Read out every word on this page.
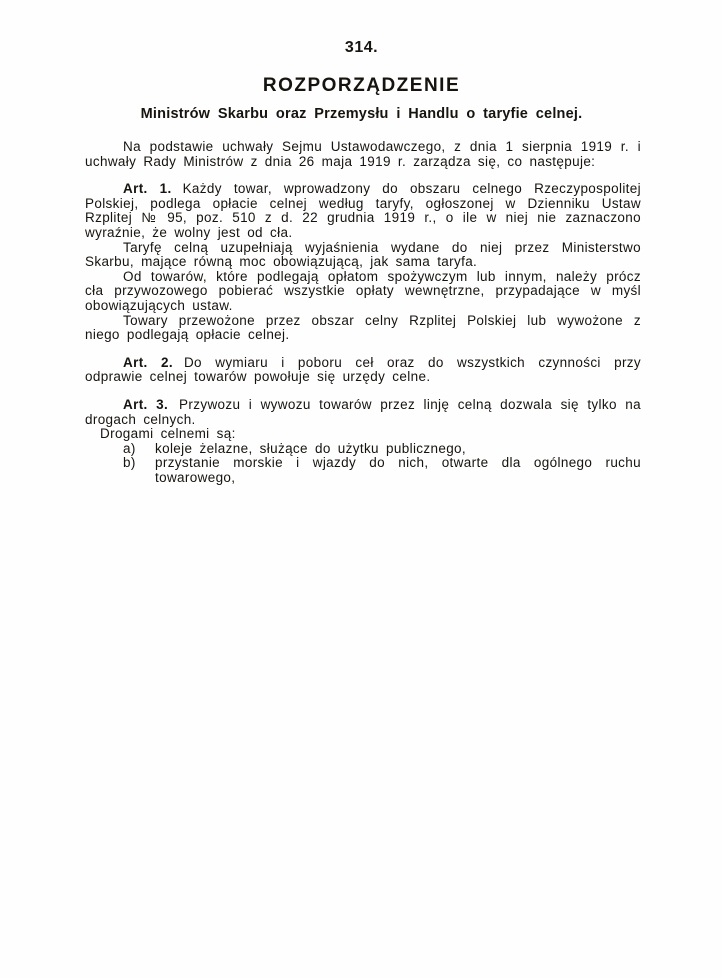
314.
ROZPORZĄDZENIE
Ministrów Skarbu oraz Przemysłu i Handlu o taryfie celnej.

Na podstawie uchwały Sejmu Ustawodawczego, z dnia 1 sierpnia 1919 r. i uchwały Rady Ministrów z dnia 26 maja 1919 r. zarządza się, co następuje:

Art. 1. Każdy towar, wprowadzony do obszaru celnego Rzeczypospolitej Polskiej, podlega opłacie celnej według taryfy, ogłoszonej w Dzienniku Ustaw Rzplitej № 95, poz. 510 z d. 22 grudnia 1919 r., o ile w niej nie zaznaczono wyraźnie, że wolny jest od cła.

Taryfę celną uzupełniają wyjaśnienia wydane do niej przez Ministerstwo Skarbu, mające równą moc obowiązującą, jak sama taryfa.

Od towarów, które podlegają opłatom spożywczym lub innym, należy prócz cła przywozowego pobierać wszystkie opłaty wewnętrzne, przypadające w myśl obowiązujących ustaw.

Towary przewożone przez obszar celny Rzplitej Polskiej lub wywożone z niego podlegają opłacie celnej.

Art. 2. Do wymiaru i poboru ceł oraz do wszystkich czynności przy odprawie celnej towarów powołuje się urzędy celne.

Art. 3. Przywozu i wywozu towarów przez linję celną dozwala się tylko na drogach celnych.

Drogami celnemi są:
a) koleje żelazne, służące do użytku publicznego,
b) przystanie morskie i wjazdy do nich, otwarte dla ogólnego ruchu towarowego,
